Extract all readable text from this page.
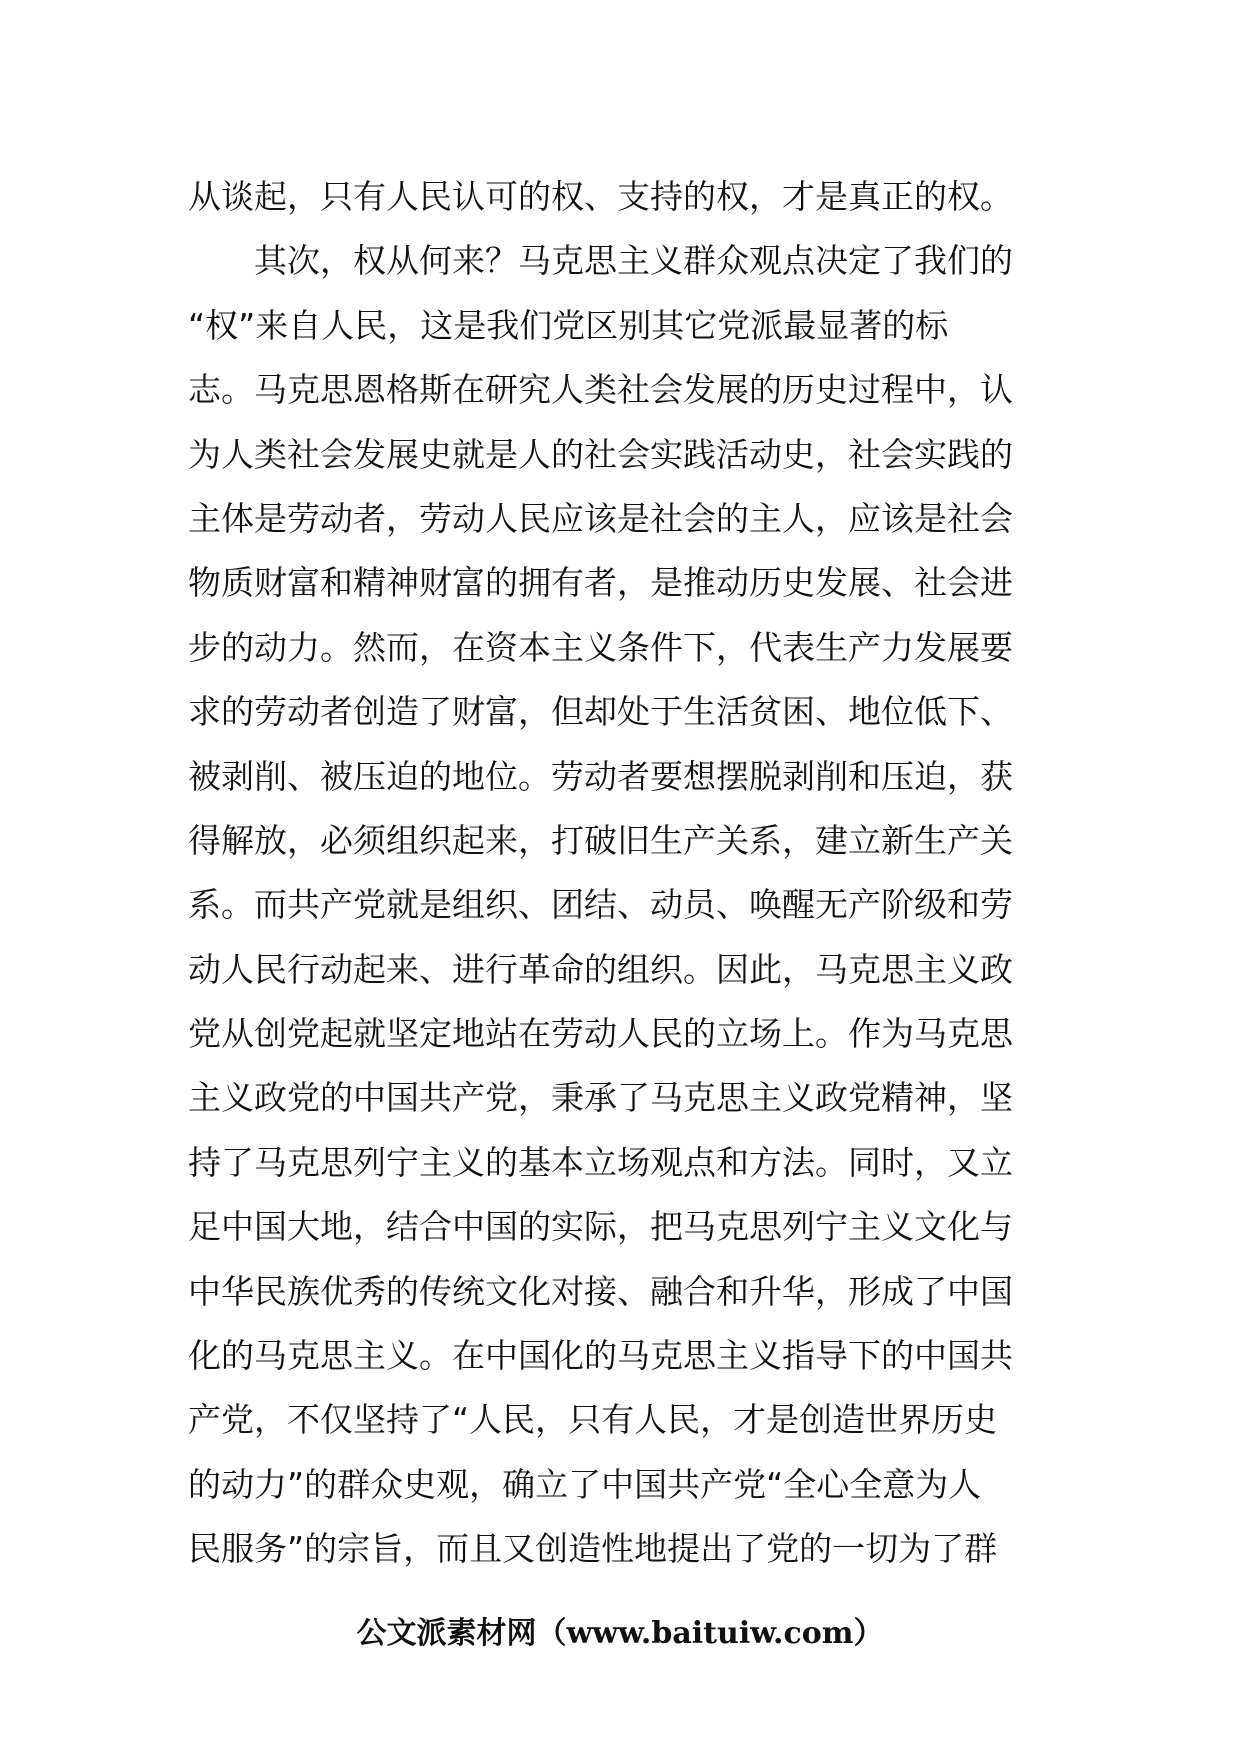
从谈起，只有人民认可的权、支持的权，才是真正的权。
其次，权从何来？马克思主义群众观点决定了我们的
“权”来自人民，这是我们党区别其它党派最显著的标
志。马克思恩格斯在研究人类社会发展的历史过程中，认
为人类社会发展史就是人的社会实践活动史，社会实践的
主体是劳动者，劳动人民应该是社会的主人，应该是社会
物质财富和精神财富的拥有者，是推动历史发展、社会进
步的动力。然而，在资本主义条件下，代表生产力发展要
求的劳动者创造了财富，但却处于生活贫困、地位低下、
被剥削、被压迫的地位。劳动者要想摆脱剥削和压迫，获
得解放，必须组织起来，打破旧生产关系，建立新生产关
系。而共产党就是组织、团结、动员、唤醒无产阶级和劳
动人民行动起来、进行革命的组织。因此，马克思主义政
党从创党起就坚定地站在劳动人民的立场上。作为马克思
主义政党的中国共产党，秉承了马克思主义政党精神，坚
持了马克思列宁主义的基本立场观点和方法。同时，又立
足中国大地，结合中国的实际，把马克思列宁主义文化与
中华民族优秀的传统文化对接、融合和升华，形成了中国
化的马克思主义。在中国化的马克思主义指导下的中国共
产党，不仅坚持了“人民，只有人民，才是创造世界历史
的动力”的群众史观，确立了中国共产党“全心全意为人
民服务”的宗旨，而且又创造性地提出了党的一切为了群
公文派素材网（www.baituiw.com）
